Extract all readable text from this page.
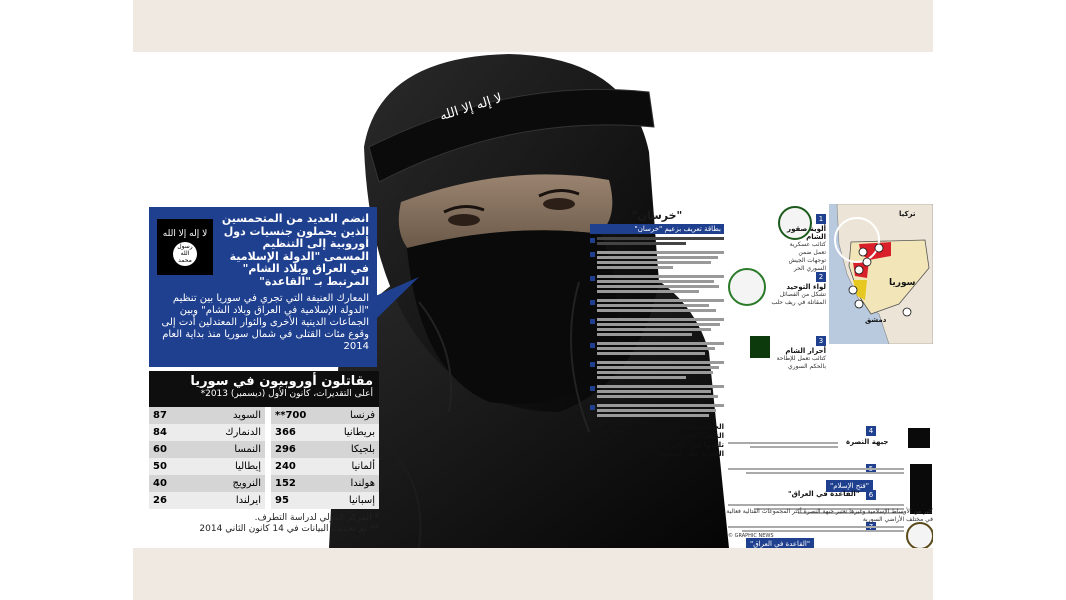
لا إله إلا الله
لا إله إلا الله
رسول الله محمد
انضم العديد من المتحمسين الذين يحملون جنسيات دول أوروبية إلى التنظيم المسمى "الدولة الإسلامية في العراق وبلاد الشام" المرتبط بـ "القاعدة"
المعارك العنيفة التي تجري في سوريا بين تنظيم "الدولة الإسلامية في العراق وبلاد الشام" وبين الجماعات الدينية الأخرى والثوار المعتدلين أدت إلى وقوع مئات القتلى في شمال سوريا منذ بداية العام 2014
مقاتلون أوروبيون في سوريا
أعلى التقديرات، كانون الأول (ديسمبر) 2013*
فرنسا	700**		السويد	87
بريطانيا	366		الدنمارك	84
بلجيكا	296		النمسا	60
ألمانيا	240		إيطاليا	50
هولندا	152		النرويج	40
إسبانيا	95		ايرلندا	26
* المركز الدولي لدراسة التطرف.
** تم تحديث البيانات في 14 كانون الثاني 2014
"خرسان"
بطاقة تعريف بزعيم "خرسان"
الجماعة قالوا إنها القناة من "مرحلة التنفيذ" ليجوم يحصد على قمة يمكن تلقيها من خلال الدفرات من دون القدرة على كشفها
تركيا
سوريا
دمشق
1
ألوية صقور الشام
كتائب عسكرية تعمل ضمن توجهات الجيش السوري الحر
2
لواء التوحيد
تشكل من الفصائل المقاتلة في ريف حلب
3
أحرار الشام
كتائب تعمل للإطاحة بالحكم السوري
4
جبهة النصرة
"فتح الإسلام"
6
"القاعدة في العراق"
"القاعدة في العراق"
كثير من الأوساط الإسلامية وغيرها تعتبر جبهة النصرة أكثر المجموعات القتالية فعالية في مختلف الأراضي السورية
© GRAPHIC NEWS
